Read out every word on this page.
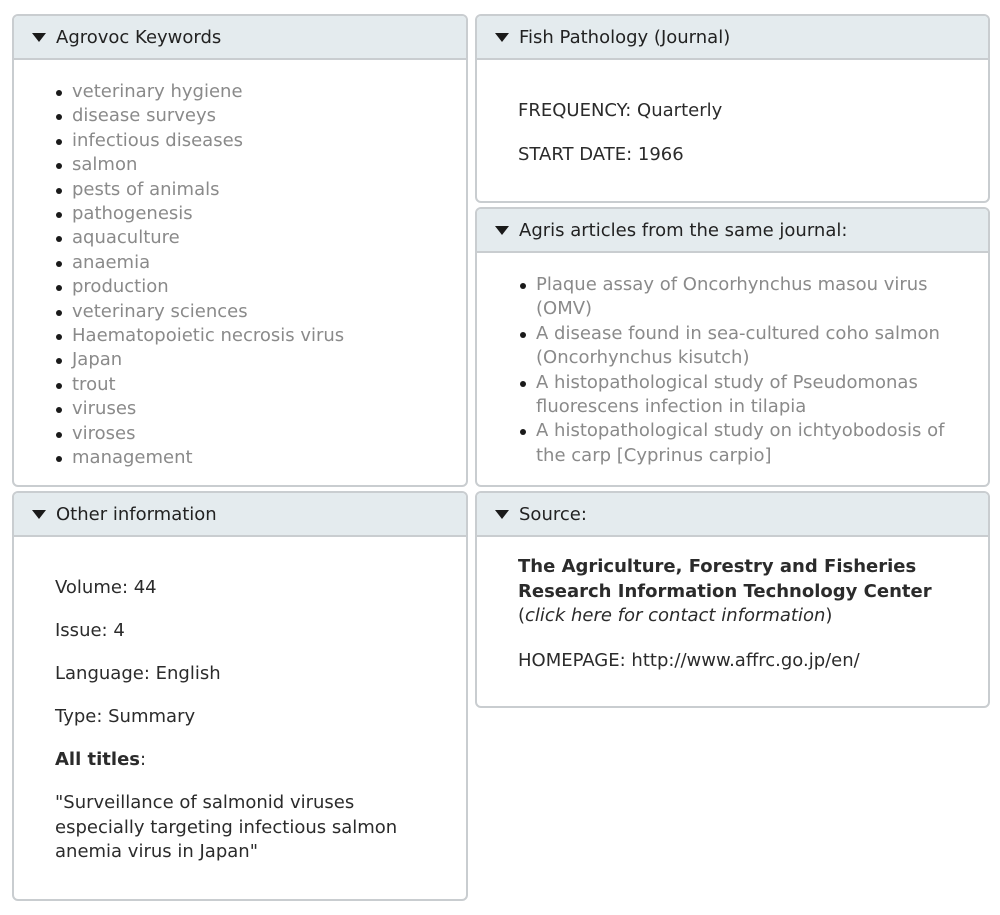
Agrovoc Keywords
veterinary hygiene
disease surveys
infectious diseases
salmon
pests of animals
pathogenesis
aquaculture
anaemia
production
veterinary sciences
Haematopoietic necrosis virus
Japan
trout
viruses
viroses
management
Fish Pathology (Journal)
FREQUENCY: Quarterly
START DATE: 1966
Agris articles from the same journal:
Plaque assay of Oncorhynchus masou virus (OMV)
A disease found in sea-cultured coho salmon (Oncorhynchus kisutch)
A histopathological study of Pseudomonas fluorescens infection in tilapia
A histopathological study on ichtyobodosis of the carp [Cyprinus carpio]
Other information
Volume: 44
Issue: 4
Language: English
Type: Summary
All titles:
"Surveillance of salmonid viruses especially targeting infectious salmon anemia virus in Japan"
Source:
The Agriculture, Forestry and Fisheries Research Information Technology Center
(click here for contact information)
HOMEPAGE: http://www.affrc.go.jp/en/
